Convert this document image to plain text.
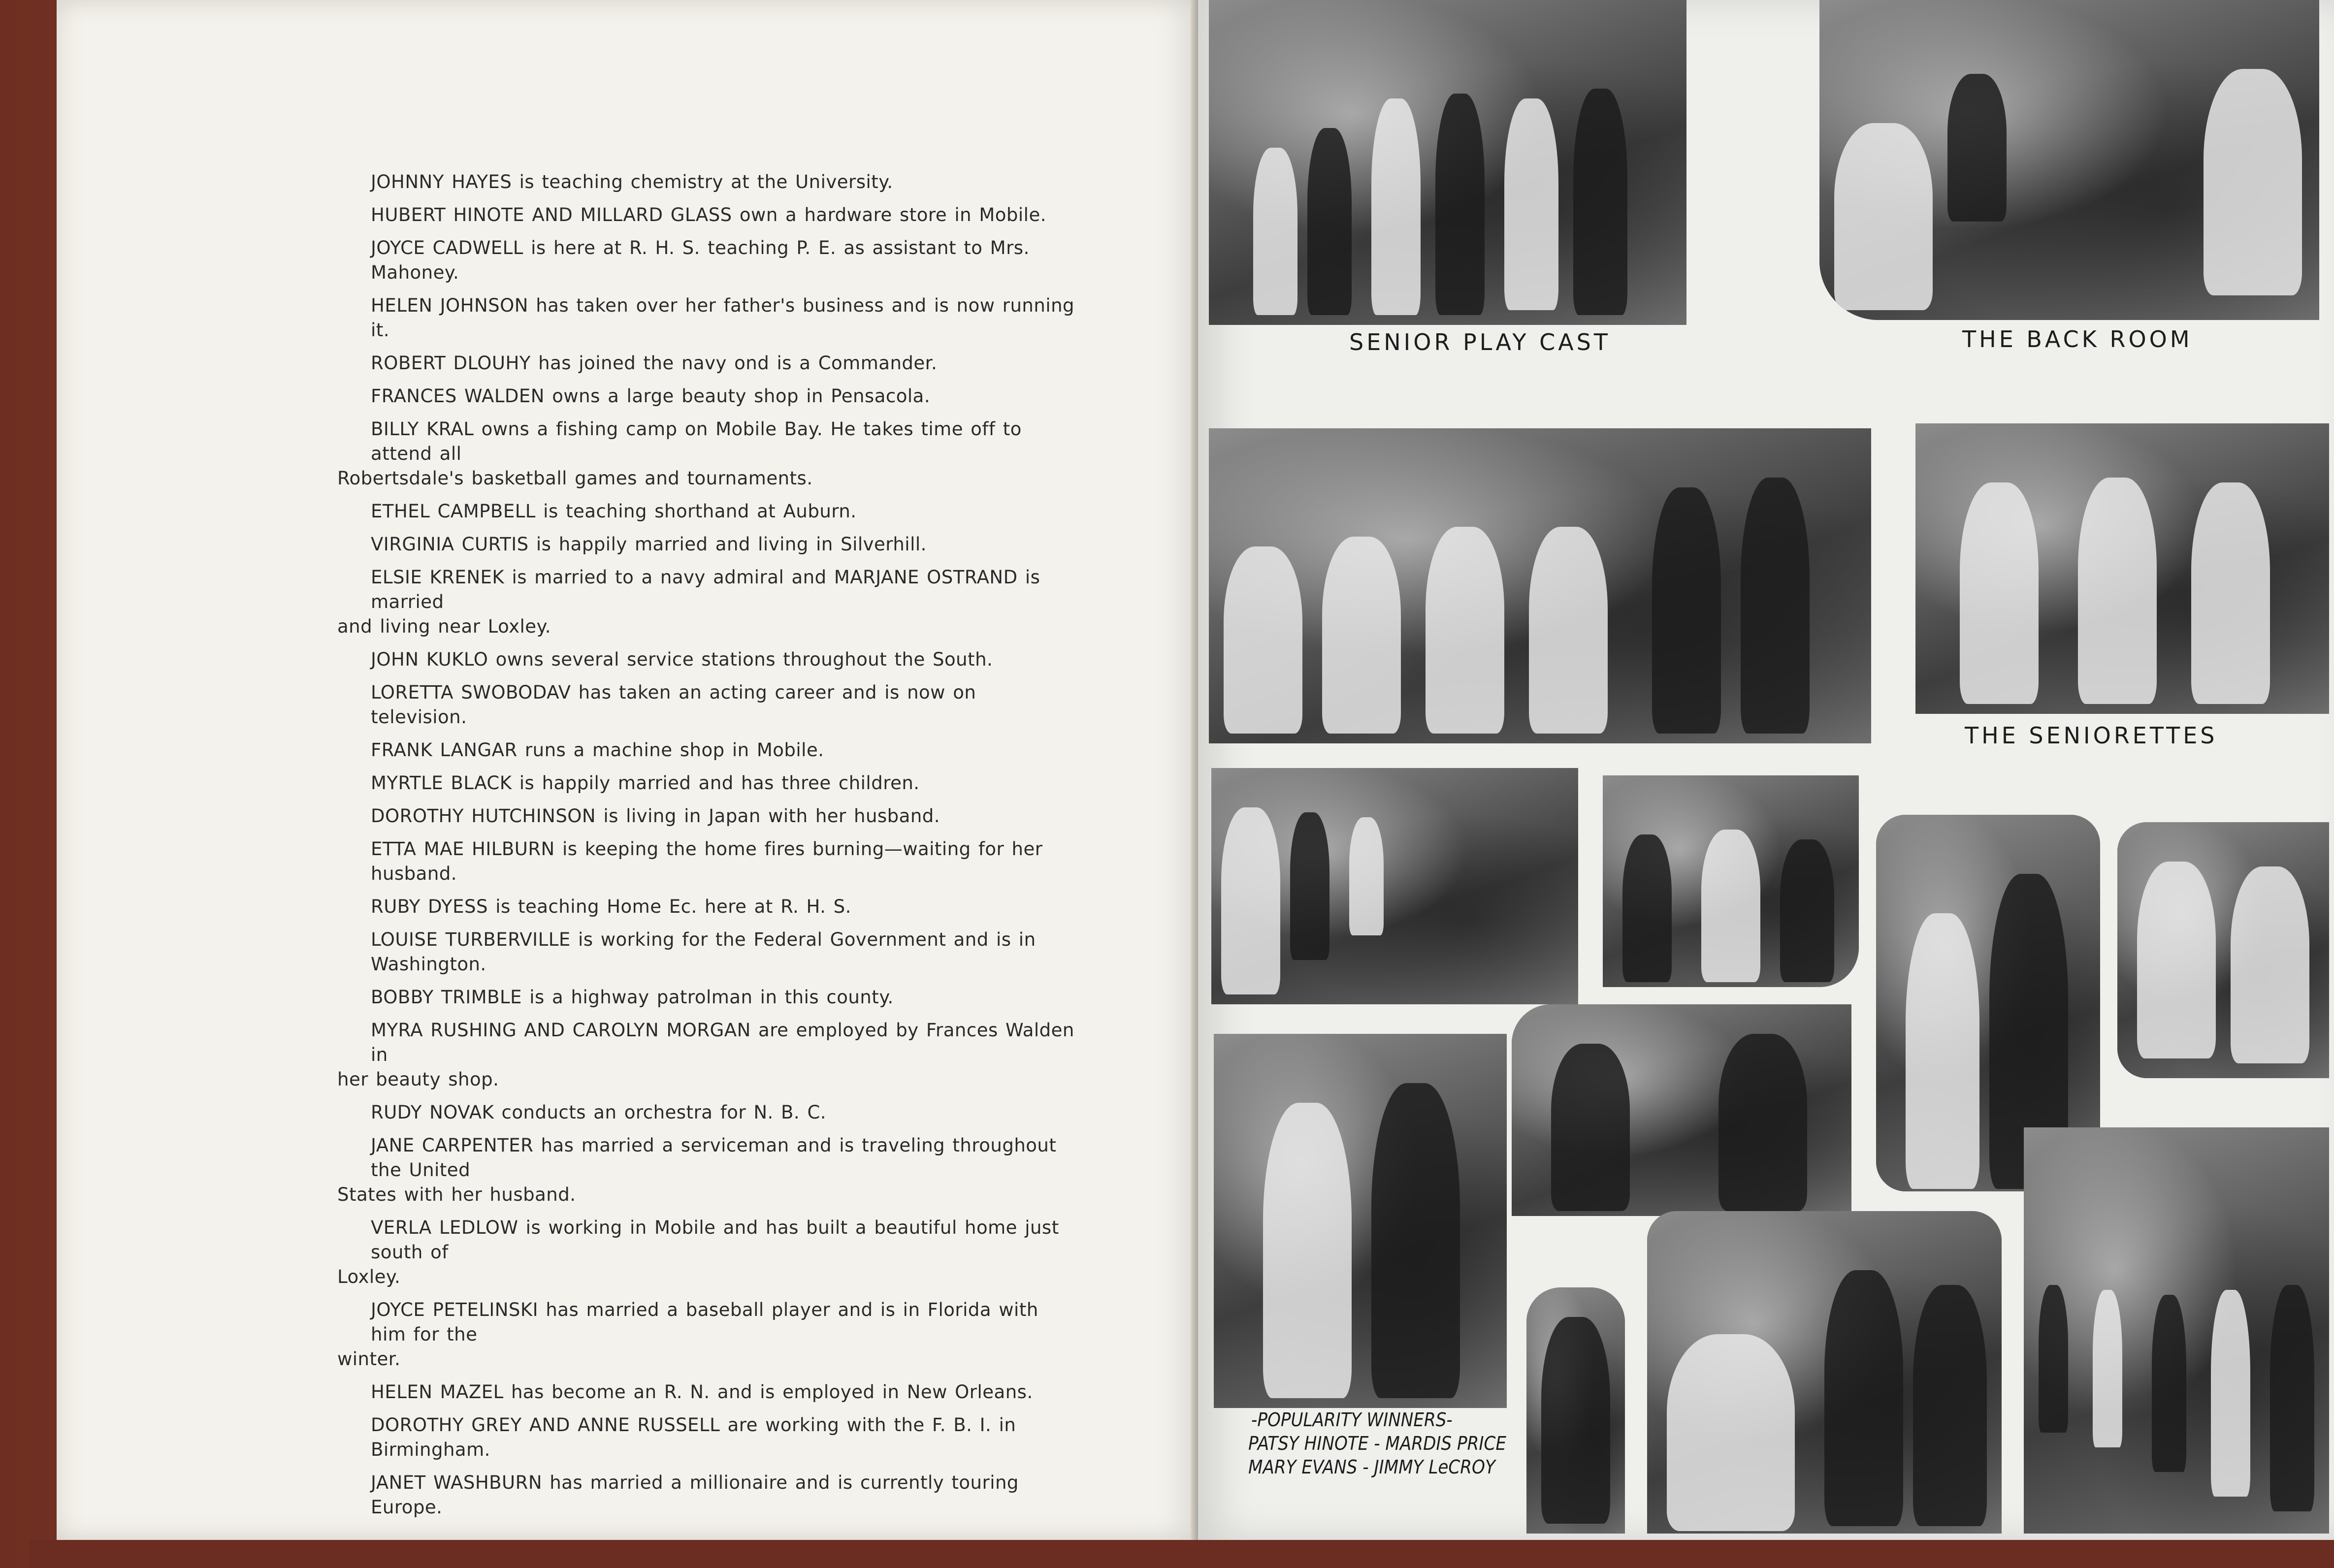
JOHNNY HAYES is teaching chemistry at the University.
HUBERT HINOTE AND MILLARD GLASS own a hardware store in Mobile.
JOYCE CADWELL is here at R. H. S. teaching P. E. as assistant to Mrs. Mahoney.
HELEN JOHNSON has taken over her father's business and is now running it.
ROBERT DLOUHY has joined the navy ond is a Commander.
FRANCES WALDEN owns a large beauty shop in Pensacola.
BILLY KRAL owns a fishing camp on Mobile Bay. He takes time off to attend all
Robertsdale's basketball games and tournaments.
ETHEL CAMPBELL is teaching shorthand at Auburn.
VIRGINIA CURTIS is happily married and living in Silverhill.
ELSIE KRENEK is married to a navy admiral and MARJANE OSTRAND is married
and living near Loxley.
JOHN KUKLO owns several service stations throughout the South.
LORETTA SWOBODAV has taken an acting career and is now on television.
FRANK LANGAR runs a machine shop in Mobile.
MYRTLE BLACK is happily married and has three children.
DOROTHY HUTCHINSON is living in Japan with her husband.
ETTA MAE HILBURN is keeping the home fires burning—waiting for her husband.
RUBY DYESS is teaching Home Ec. here at R. H. S.
LOUISE TURBERVILLE is working for the Federal Government and is in Washington.
BOBBY TRIMBLE is a highway patrolman in this county.
MYRA RUSHING AND CAROLYN MORGAN are employed by Frances Walden in
her beauty shop.
RUDY NOVAK conducts an orchestra for N. B. C.
JANE CARPENTER has married a serviceman and is traveling throughout the United
States with her husband.
VERLA LEDLOW is working in Mobile and has built a beautiful home just south of
Loxley.
JOYCE PETELINSKI has married a baseball player and is in Florida with him for the
winter.
HELEN MAZEL has become an R. N. and is employed in New Orleans.
DOROTHY GREY AND ANNE RUSSELL are working with the F. B. I. in Birmingham.
JANET WASHBURN has married a millionaire and is currently touring Europe.
SENIOR PLAY CAST	THE BACK ROOM
THE SENIORETTES
-POPULARITY WINNERS-
PATSY HINOTE - MARDIS PRICE
MARY EVANS - JIMMY LeCROY
